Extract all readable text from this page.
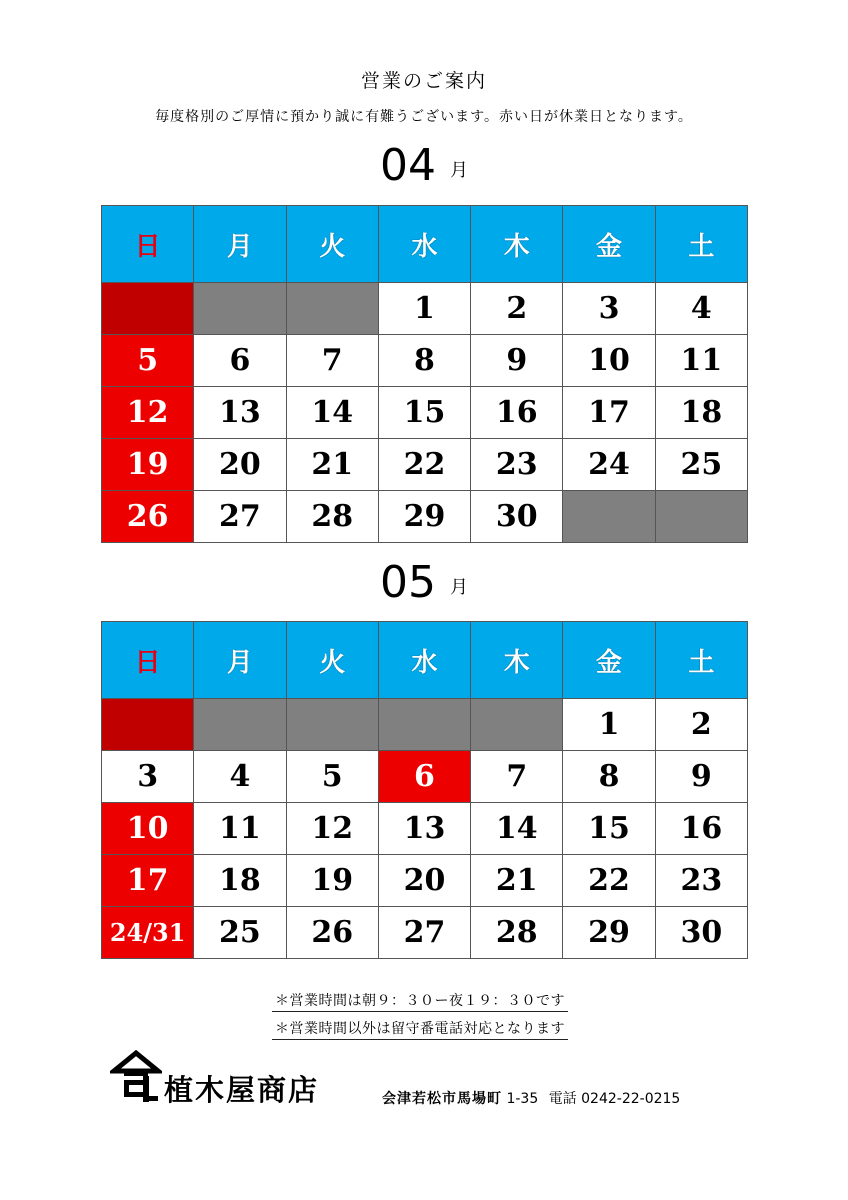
営業のご案内
毎度格別のご厚情に預かり誠に有難うございます。赤い日が休業日となります。
04 月
日	月	火	水	木	金	土
			1	2	3	4
5	6	7	8	9	10	11
12	13	14	15	16	17	18
19	20	21	22	23	24	25
26	27	28	29	30		
05 月
日	月	火	水	木	金	土
					1	2
3	4	5	6	7	8	9
10	11	12	13	14	15	16
17	18	19	20	21	22	23
24/31	25	26	27	28	29	30
＊営業時間は朝９：３０ー夜１９：３０です
＊営業時間以外は留守番電話対応となります
植木屋商店	会津若松市馬場町 1-35 電話 0242-22-0215
